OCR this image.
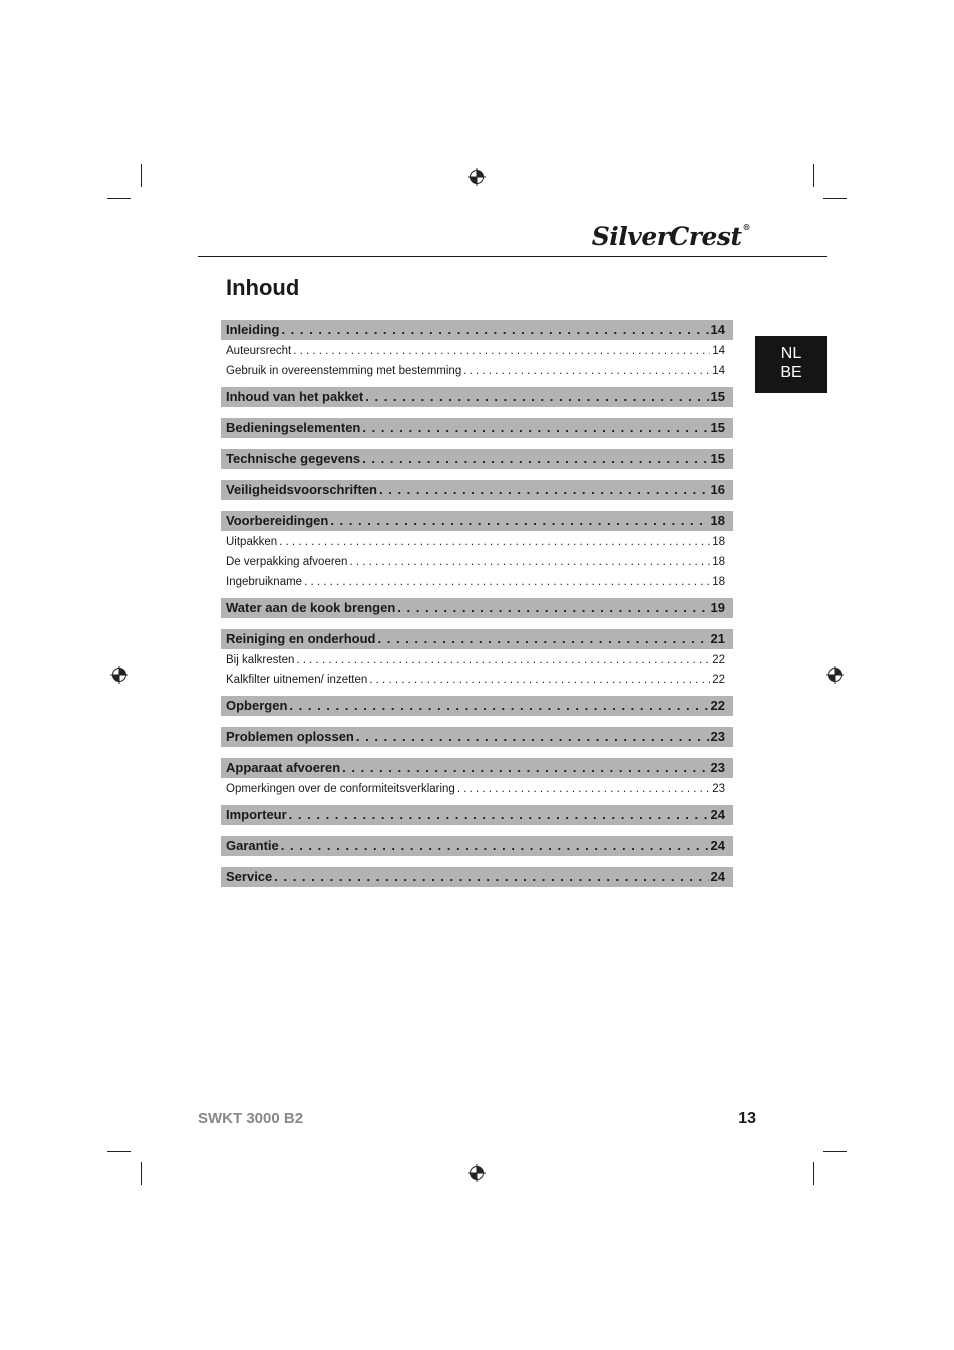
SilverCrest®
Inhoud
NL
BE
Inleiding . . .	14
Auteursrecht . . .	14
Gebruik in overeenstemming met bestemming . . .	14
Inhoud van het pakket . . .	15
Bedieningselementen . . .	15
Technische gegevens . . .	15
Veiligheidsvoorschriften . . .	16
Voorbereidingen . . .	18
Uitpakken . . .	18
De verpakking afvoeren . . .	18
Ingebruikname . . .	18
Water aan de kook brengen . . .	19
Reiniging en onderhoud . . .	21
Bij kalkresten . . .	22
Kalkfilter uitnemen/ inzetten . . .	22
Opbergen . . .	22
Problemen oplossen . . .	23
Apparaat afvoeren . . .	23
Opmerkingen over de conformiteitsverklaring . . .	23
Importeur . . .	24
Garantie . . .	24
Service . . .	24
SWKT 3000 B2	13
